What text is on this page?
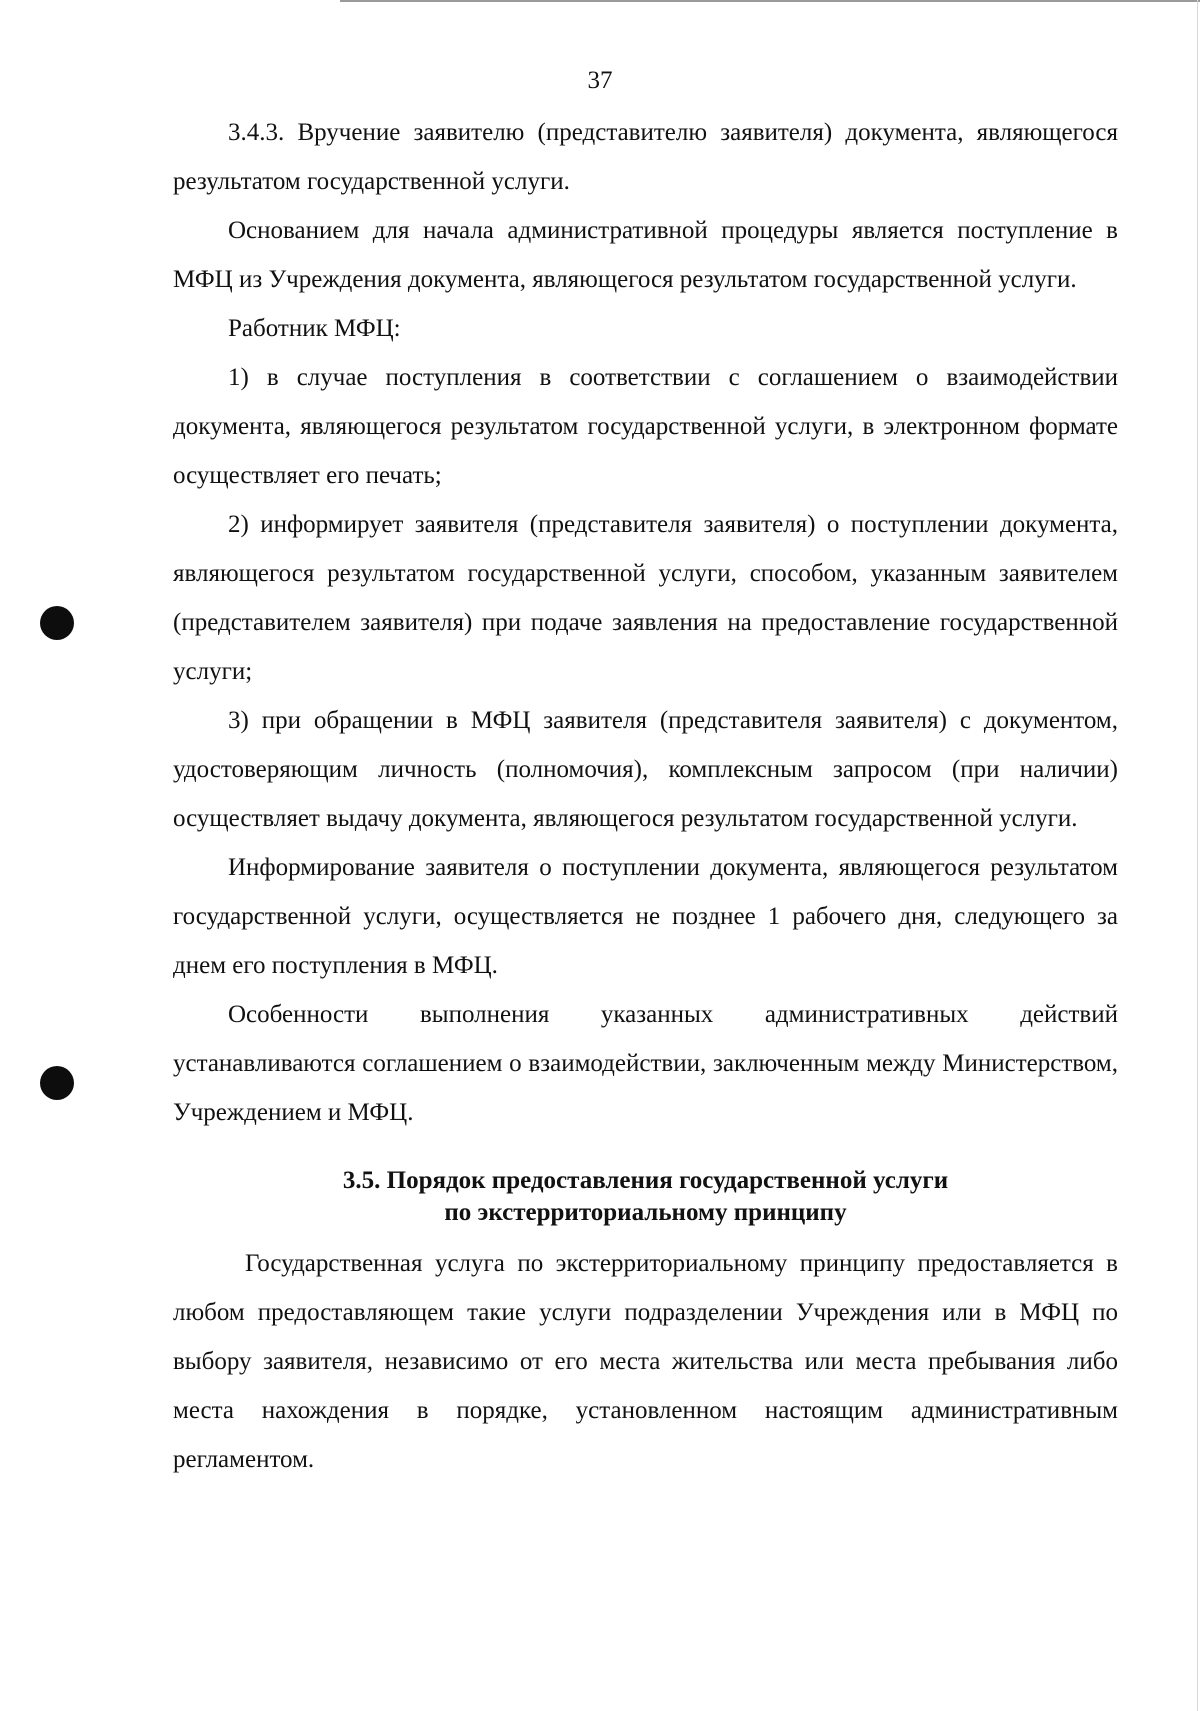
37

3.4.3. Вручение заявителю (представителю заявителя) документа, являющегося результатом государственной услуги.

Основанием для начала административной процедуры является поступление в МФЦ из Учреждения документа, являющегося результатом государственной услуги.

Работник МФЦ:

1) в случае поступления в соответствии с соглашением о взаимодействии документа, являющегося результатом государственной услуги, в электронном формате осуществляет его печать;

2) информирует заявителя (представителя заявителя) о поступлении документа, являющегося результатом государственной услуги, способом, указанным заявителем (представителем заявителя) при подаче заявления на предоставление государственной услуги;

3) при обращении в МФЦ заявителя (представителя заявителя) с документом, удостоверяющим личность (полномочия), комплексным запросом (при наличии) осуществляет выдачу документа, являющегося результатом государственной услуги.

Информирование заявителя о поступлении документа, являющегося результатом государственной услуги, осуществляется не позднее 1 рабочего дня, следующего за днем его поступления в МФЦ.

Особенности выполнения указанных административных действий устанавливаются соглашением о взаимодействии, заключенным между Министерством, Учреждением и МФЦ.

3.5. Порядок предоставления государственной услуги
по экстерриториальному принципу

Государственная услуга по экстерриториальному принципу предоставляется в любом предоставляющем такие услуги подразделении Учреждения или в МФЦ по выбору заявителя, независимо от его места жительства или места пребывания либо места нахождения в порядке, установленном настоящим административным регламентом.
